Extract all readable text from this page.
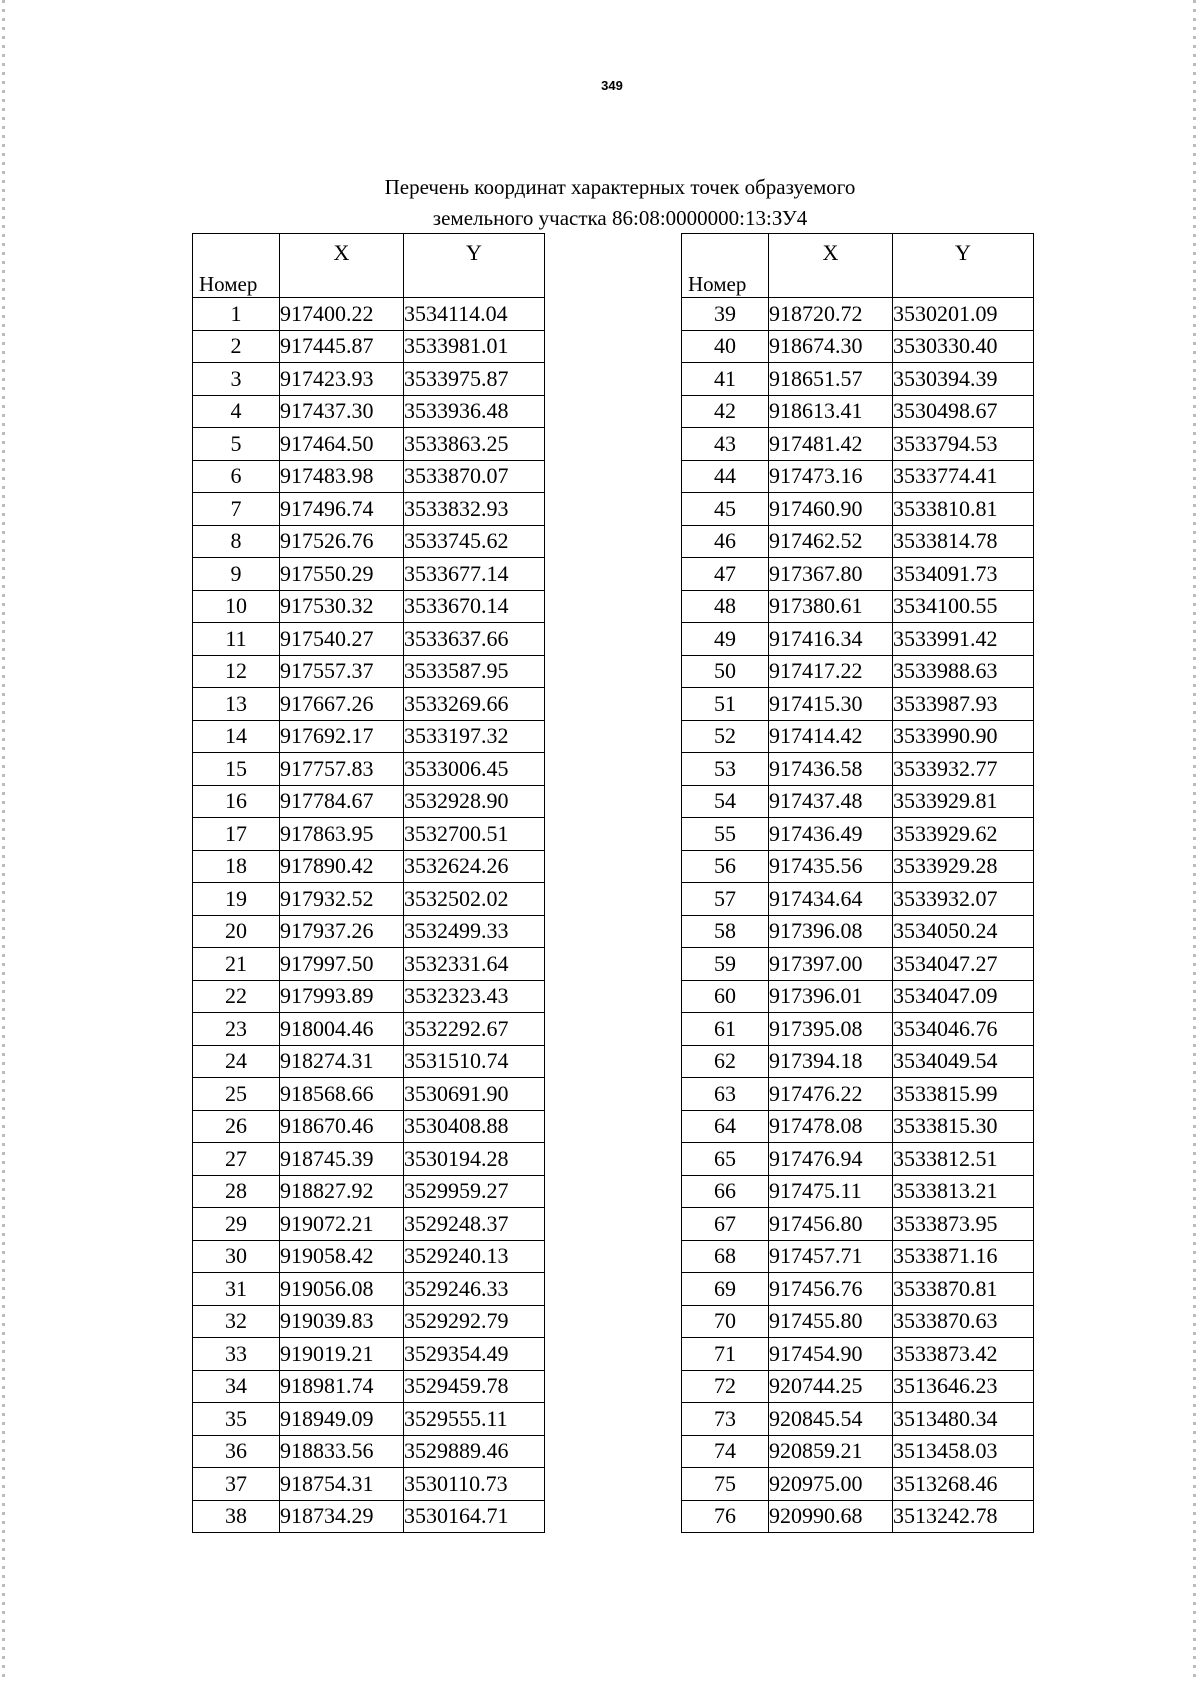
349
Перечень координат характерных точек образуемого
земельного участка 86:08:0000000:13:ЗУ4
Номер	X	Y

1	917400.22	3534114.04
2	917445.87	3533981.01
3	917423.93	3533975.87
4	917437.30	3533936.48
5	917464.50	3533863.25
6	917483.98	3533870.07
7	917496.74	3533832.93
8	917526.76	3533745.62
9	917550.29	3533677.14
10	917530.32	3533670.14
11	917540.27	3533637.66
12	917557.37	3533587.95
13	917667.26	3533269.66
14	917692.17	3533197.32
15	917757.83	3533006.45
16	917784.67	3532928.90
17	917863.95	3532700.51
18	917890.42	3532624.26
19	917932.52	3532502.02
20	917937.26	3532499.33
21	917997.50	3532331.64
22	917993.89	3532323.43
23	918004.46	3532292.67
24	918274.31	3531510.74
25	918568.66	3530691.90
26	918670.46	3530408.88
27	918745.39	3530194.28
28	918827.92	3529959.27
29	919072.21	3529248.37
30	919058.42	3529240.13
31	919056.08	3529246.33
32	919039.83	3529292.79
33	919019.21	3529354.49
34	918981.74	3529459.78
35	918949.09	3529555.11
36	918833.56	3529889.46
37	918754.31	3530110.73
38	918734.29	3530164.71
Номер	X	Y

39	918720.72	3530201.09
40	918674.30	3530330.40
41	918651.57	3530394.39
42	918613.41	3530498.67
43	917481.42	3533794.53
44	917473.16	3533774.41
45	917460.90	3533810.81
46	917462.52	3533814.78
47	917367.80	3534091.73
48	917380.61	3534100.55
49	917416.34	3533991.42
50	917417.22	3533988.63
51	917415.30	3533987.93
52	917414.42	3533990.90
53	917436.58	3533932.77
54	917437.48	3533929.81
55	917436.49	3533929.62
56	917435.56	3533929.28
57	917434.64	3533932.07
58	917396.08	3534050.24
59	917397.00	3534047.27
60	917396.01	3534047.09
61	917395.08	3534046.76
62	917394.18	3534049.54
63	917476.22	3533815.99
64	917478.08	3533815.30
65	917476.94	3533812.51
66	917475.11	3533813.21
67	917456.80	3533873.95
68	917457.71	3533871.16
69	917456.76	3533870.81
70	917455.80	3533870.63
71	917454.90	3533873.42
72	920744.25	3513646.23
73	920845.54	3513480.34
74	920859.21	3513458.03
75	920975.00	3513268.46
76	920990.68	3513242.78
